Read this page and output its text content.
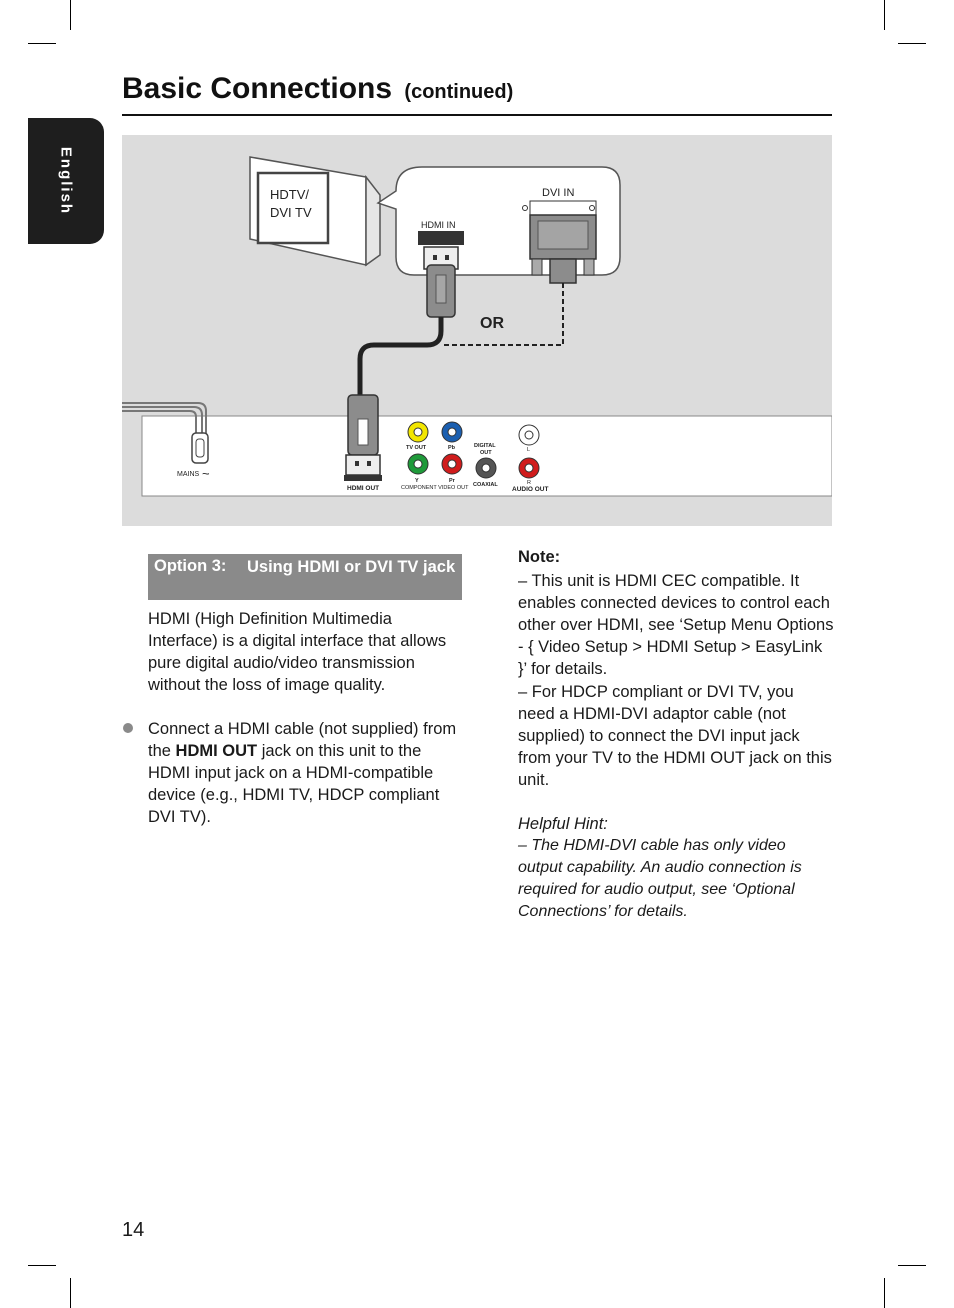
English
Basic Connections (continued)
HDTV/
DVI TV
HDMI IN
DVI IN
OR
MAINS ~
HDMI OUT
TV OUT	Pb
Y	Pr
COMPONENT VIDEO OUT
DIGITAL
OUT
COAXIAL
L
R
AUDIO OUT
Option 3: Using HDMI or DVI TV jack
HDMI (High Definition Multimedia Interface) is a digital interface that allows pure digital audio/video transmission without the loss of image quality.
Connect a HDMI cable (not supplied) from the HDMI OUT jack on this unit to the HDMI input jack on a HDMI-compatible device (e.g., HDMI TV, HDCP compliant DVI TV).
Note:
– This unit is HDMI CEC compatible. It enables connected devices to control each other over HDMI, see ‘Setup Menu Options - { Video Setup > HDMI Setup > EasyLink }’ for details.
– For HDCP compliant or DVI TV, you need a HDMI-DVI adaptor cable (not supplied) to connect the DVI input jack from your TV to the HDMI OUT jack on this unit.
Helpful Hint:
– The HDMI-DVI cable has only video output capability. An audio connection is required for audio output, see ‘Optional Connections’ for details.
14
